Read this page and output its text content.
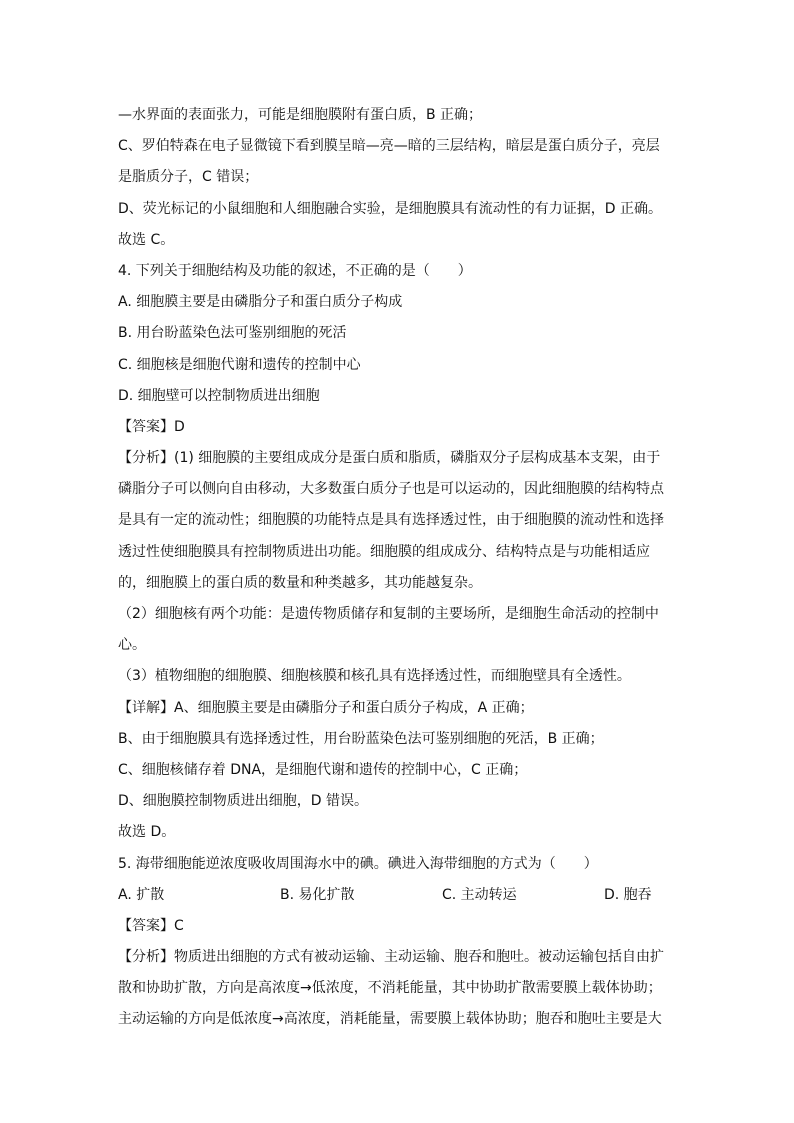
—水界面的表面张力，可能是细胞膜附有蛋白质，B 正确；
C、罗伯特森在电子显微镜下看到膜呈暗—亮—暗的三层结构，暗层是蛋白质分子，亮层
是脂质分子，C 错误；
D、荧光标记的小鼠细胞和人细胞融合实验，是细胞膜具有流动性的有力证据，D 正确。
故选 C。
4. 下列关于细胞结构及功能的叙述，不正确的是（　　）
A. 细胞膜主要是由磷脂分子和蛋白质分子构成
B. 用台盼蓝染色法可鉴别细胞的死活
C. 细胞核是细胞代谢和遗传的控制中心
D. 细胞壁可以控制物质进出细胞
【答案】D
【分析】(1) 细胞膜的主要组成成分是蛋白质和脂质，磷脂双分子层构成基本支架，由于
磷脂分子可以侧向自由移动，大多数蛋白质分子也是可以运动的，因此细胞膜的结构特点
是具有一定的流动性；细胞膜的功能特点是具有选择透过性，由于细胞膜的流动性和选择
透过性使细胞膜具有控制物质进出功能。细胞膜的组成成分、结构特点是与功能相适应
的，细胞膜上的蛋白质的数量和种类越多，其功能越复杂。
（2）细胞核有两个功能：是遗传物质储存和复制的主要场所，是细胞生命活动的控制中
心。
（3）植物细胞的细胞膜、细胞核膜和核孔具有选择透过性，而细胞壁具有全透性。
【详解】A、细胞膜主要是由磷脂分子和蛋白质分子构成，A 正确；
B、由于细胞膜具有选择透过性，用台盼蓝染色法可鉴别细胞的死活，B 正确；
C、细胞核储存着 DNA，是细胞代谢和遗传的控制中心，C 正确；
D、细胞膜控制物质进出细胞，D 错误。
故选 D。
5. 海带细胞能逆浓度吸收周围海水中的碘。碘进入海带细胞的方式为（　　）
A. 扩散	B. 易化扩散	C. 主动转运	D. 胞吞
【答案】C
【分析】物质进出细胞的方式有被动运输、主动运输、胞吞和胞吐。被动运输包括自由扩
散和协助扩散，方向是高浓度→低浓度，不消耗能量，其中协助扩散需要膜上载体协助；
主动运输的方向是低浓度→高浓度，消耗能量，需要膜上载体协助；胞吞和胞吐主要是大
